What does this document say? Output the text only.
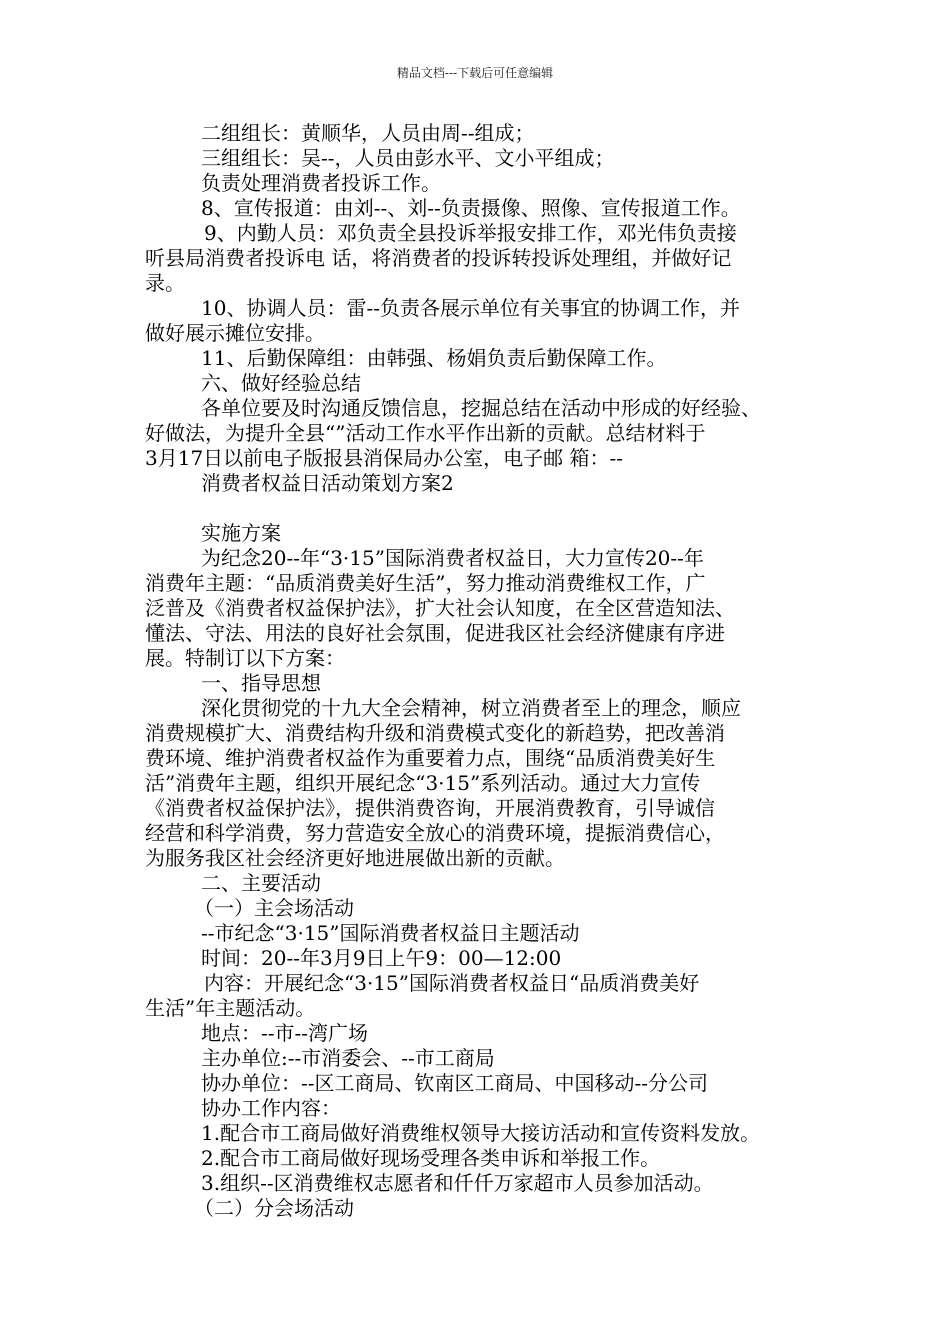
精品文档---下载后可任意编辑
二组组长：黄顺华，人员由周--组成；
三组组长：吴--，人员由彭水平、文小平组成；
负责处理消费者投诉工作。
8、宣传报道：由刘--、刘--负责摄像、照像、宣传报道工作。
9、内勤人员：邓负责全县投诉举报安排工作，邓光伟负责接
听县局消费者投诉电 话，将消费者的投诉转投诉处理组，并做好记
录。
10、协调人员：雷--负责各展示单位有关事宜的协调工作，并
做好展示摊位安排。
11、后勤保障组：由韩强、杨娟负责后勤保障工作。
六、做好经验总结
各单位要及时沟通反馈信息，挖掘总结在活动中形成的好经验、
好做法，为提升全县“”活动工作水平作出新的贡献。总结材料于
3月17日以前电子版报县消保局办公室，电子邮 箱：--
消费者权益日活动策划方案2
实施方案
为纪念20--年“3·15”国际消费者权益日，大力宣传20--年
消费年主题：“品质消费美好生活”，努力推动消费维权工作，广
泛普及《消费者权益保护法》，扩大社会认知度，在全区营造知法、
懂法、守法、用法的良好社会氛围，促进我区社会经济健康有序进
展。特制订以下方案：
一、指导思想
深化贯彻党的十九大全会精神，树立消费者至上的理念，顺应
消费规模扩大、消费结构升级和消费模式变化的新趋势，把改善消
费环境、维护消费者权益作为重要着力点，围绕“品质消费美好生
活”消费年主题，组织开展纪念“3·15”系列活动。通过大力宣传
《消费者权益保护法》，提供消费咨询，开展消费教育，引导诚信
经营和科学消费，努力营造安全放心的消费环境，提振消费信心，
为服务我区社会经济更好地进展做出新的贡献。
二、主要活动
（一）主会场活动
--市纪念“3·15”国际消费者权益日主题活动
时间：20--年3月9日上午9：00—12:00
内容：开展纪念“3·15”国际消费者权益日“品质消费美好
生活”年主题活动。
地点：--市--湾广场
主办单位:--市消委会、--市工商局
协办单位：--区工商局、钦南区工商局、中国移动--分公司
协办工作内容：
1.配合市工商局做好消费维权领导大接访活动和宣传资料发放。
2.配合市工商局做好现场受理各类申诉和举报工作。
3.组织--区消费维权志愿者和仟仟万家超市人员参加活动。
（二）分会场活动
